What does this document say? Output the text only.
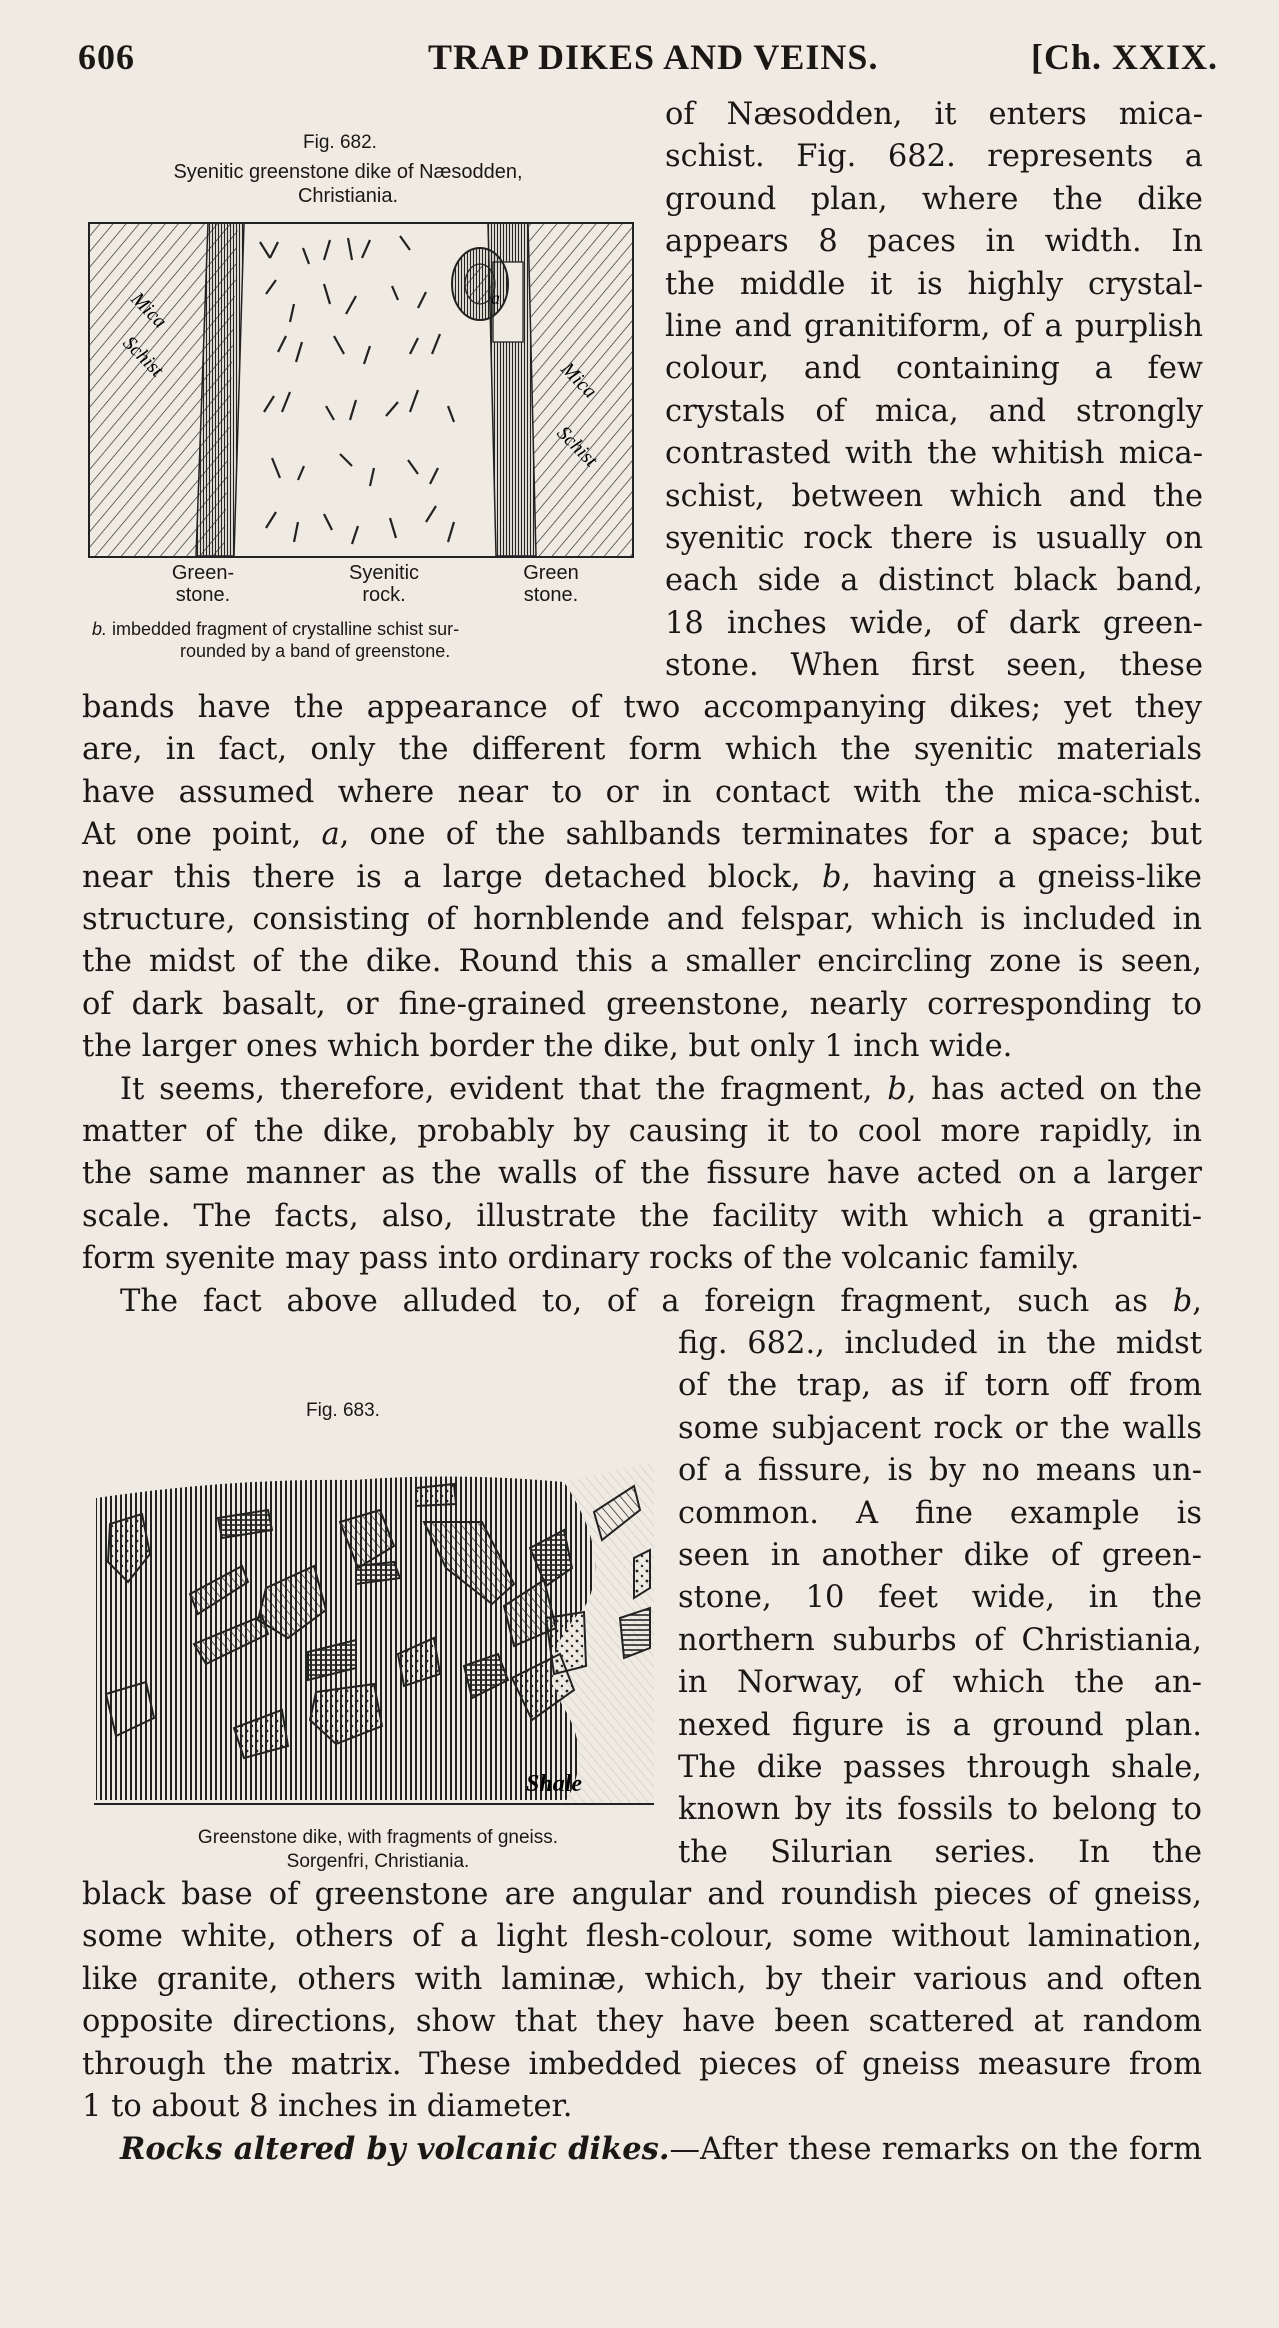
606	TRAP DIKES AND VEINS.	[Ch. XXIX.
Fig. 682.
Syenitic greenstone dike of Næsodden,
Christiania.
a
Mica
Schist	Mica
Schist
Green-
stone.
Syenitic
rock.
Green
stone.
b. imbedded fragment of crystalline schist sur-
rounded by a band of greenstone.
of Næsodden, it enters mica-
schist. Fig. 682. represents a
ground plan, where the dike
appears 8 paces in width. In
the middle it is highly crystal-
line and granitiform, of a purplish
colour, and containing a few
crystals of mica, and strongly
contrasted with the whitish mica-
schist, between which and the
syenitic rock there is usually on
each side a distinct black band,
18 inches wide, of dark green-
stone. When first seen, these
bands have the appearance of two accompanying dikes; yet they
are, in fact, only the different form which the syenitic materials
have assumed where near to or in contact with the mica-schist.
At one point, a, one of the sahlbands terminates for a space; but
near this there is a large detached block, b, having a gneiss-like
structure, consisting of hornblende and felspar, which is included in
the midst of the dike. Round this a smaller encircling zone is seen,
of dark basalt, or fine-grained greenstone, nearly corresponding to
the larger ones which border the dike, but only 1 inch wide.
It seems, therefore, evident that the fragment, b, has acted on the
matter of the dike, probably by causing it to cool more rapidly, in
the same manner as the walls of the fissure have acted on a larger
scale. The facts, also, illustrate the facility with which a graniti-
form syenite may pass into ordinary rocks of the volcanic family.
The fact above alluded to, of a foreign fragment, such as b,
Fig. 683.
Shale
Greenstone dike, with fragments of gneiss.
Sorgenfri, Christiania.
fig. 682., included in the midst
of the trap, as if torn off from
some subjacent rock or the walls
of a fissure, is by no means un-
common. A fine example is
seen in another dike of green-
stone, 10 feet wide, in the
northern suburbs of Christiania,
in Norway, of which the an-
nexed figure is a ground plan.
The dike passes through shale,
known by its fossils to belong to
the Silurian series. In the
black base of greenstone are angular and roundish pieces of gneiss,
some white, others of a light flesh-colour, some without lamination,
like granite, others with laminæ, which, by their various and often
opposite directions, show that they have been scattered at random
through the matrix. These imbedded pieces of gneiss measure from
1 to about 8 inches in diameter.
Rocks altered by volcanic dikes.—After these remarks on the form
